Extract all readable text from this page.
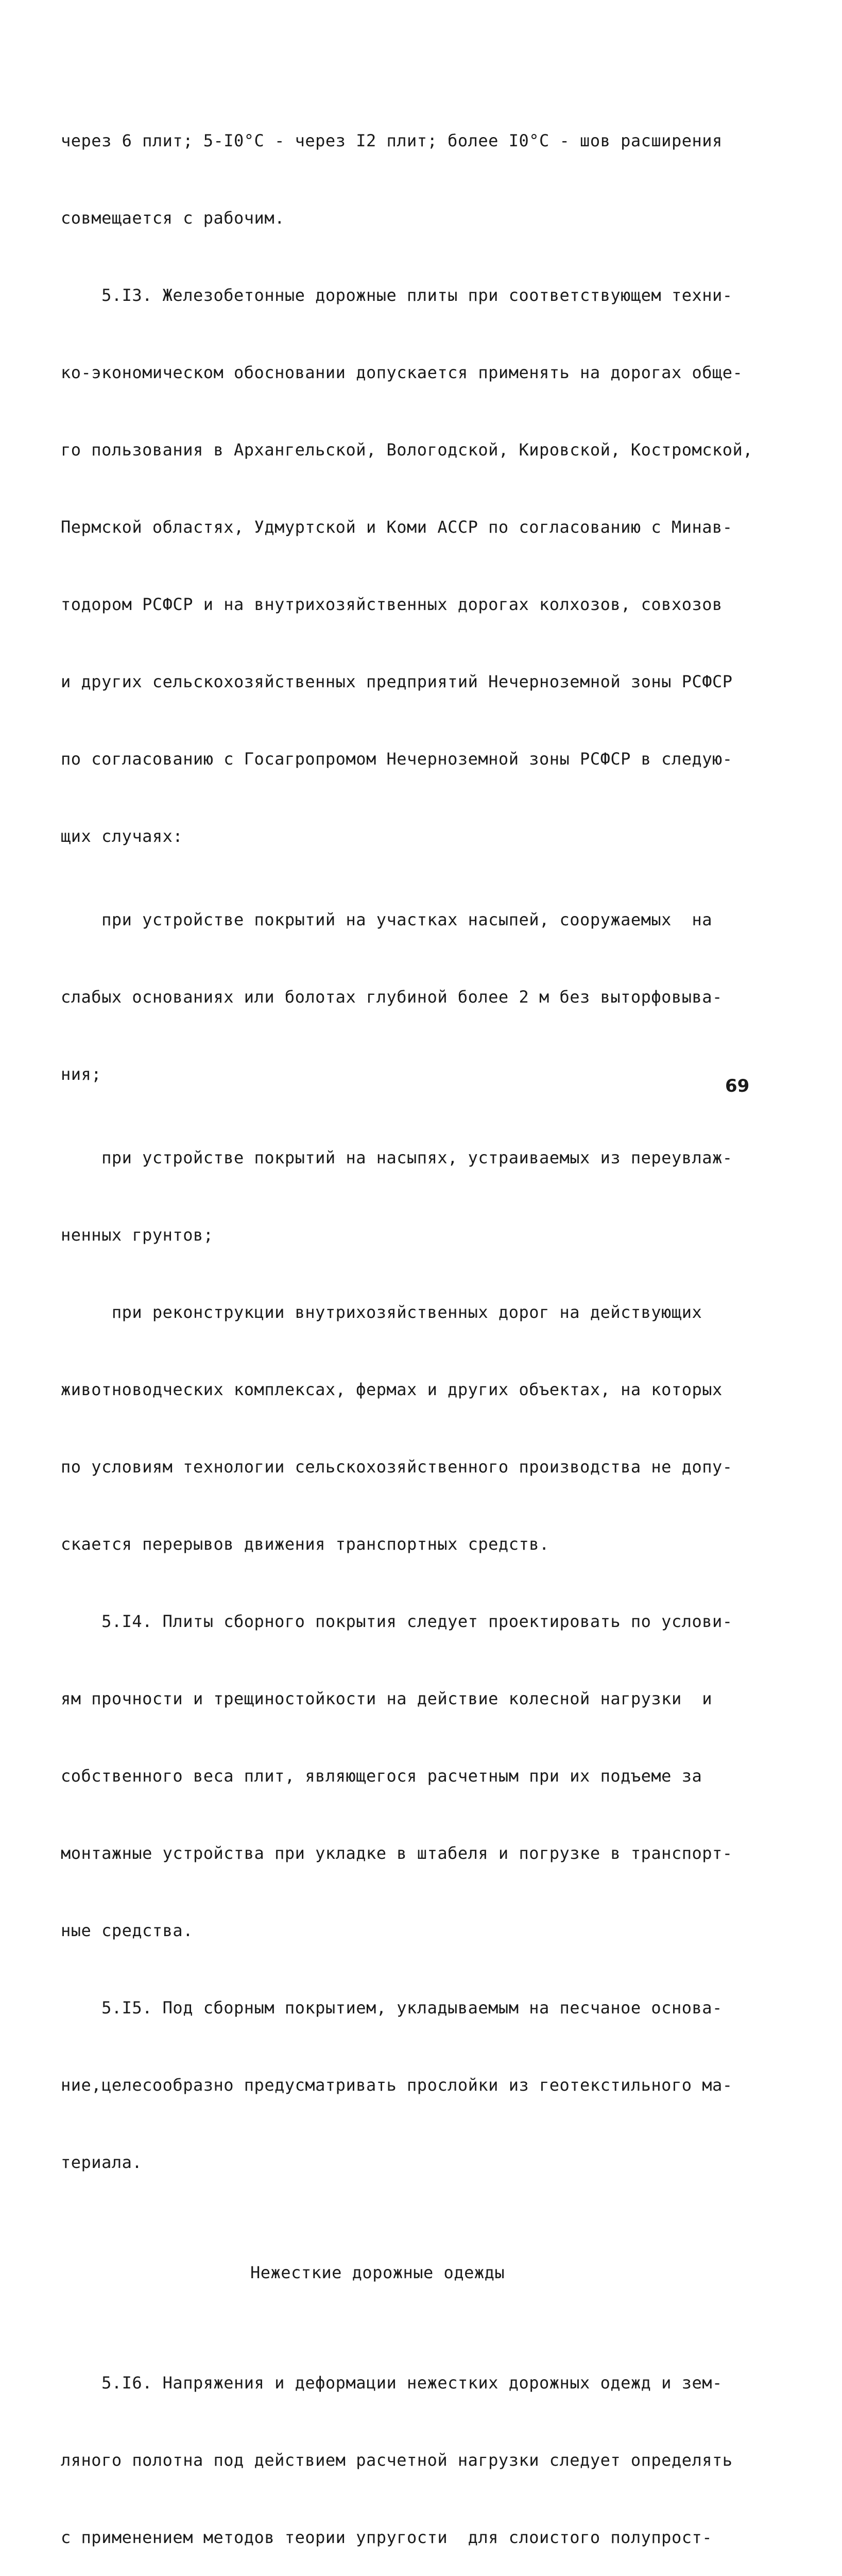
через 6 плит; 5-I0°С - через I2 плит; более I0°С - шов расширения

совмещается с рабочим.

5.I3. Железобетонные дорожные плиты при соответствующем техни-

ко-экономическом обосновании допускается применять на дорогах обще-

го пользования в Архангельской, Вологодской, Кировской, Костромской,

Пермской областях, Удмуртской и Коми АССР по согласованию с Минав-

тодором РСФСР и на внутрихозяйственных дорогах колхозов, совхозов

и других сельскохозяйственных предприятий Нечерноземной зоны РСФСР

по согласованию с Госагропромом Нечерноземной зоны РСФСР в следую-

щих случаях:

при устройстве покрытий на участках насыпей, сооружаемых  на

слабых основаниях или болотах глубиной более 2 м без выторфовыва-

ния;

при устройстве покрытий на насыпях, устраиваемых из переувлаж-

ненных грунтов;

при реконструкции внутрихозяйственных дорог на действующих

животноводческих комплексах, фермах и других объектах, на которых

по условиям технологии сельскохозяйственного производства не допу-

скается перерывов движения транспортных средств.

5.I4. Плиты сборного покрытия следует проектировать по услови-

ям прочности и трещиностойкости на действие колесной нагрузки  и

собственного веса плит, являющегося расчетным при их подъеме за

монтажные устройства при укладке в штабеля и погрузке в транспорт-

ные средства.

5.I5. Под сборным покрытием, укладываемым на песчаное основа-

ние,целесообразно предусматривать прослойки из геотекстильного ма-

териала.

Нежесткие дорожные одежды

5.I6. Напряжения и деформации нежестких дорожных одежд и зем-

ляного полотна под действием расчетной нагрузки следует определять

с применением методов теории упругости  для слоистого полупрост-

69
